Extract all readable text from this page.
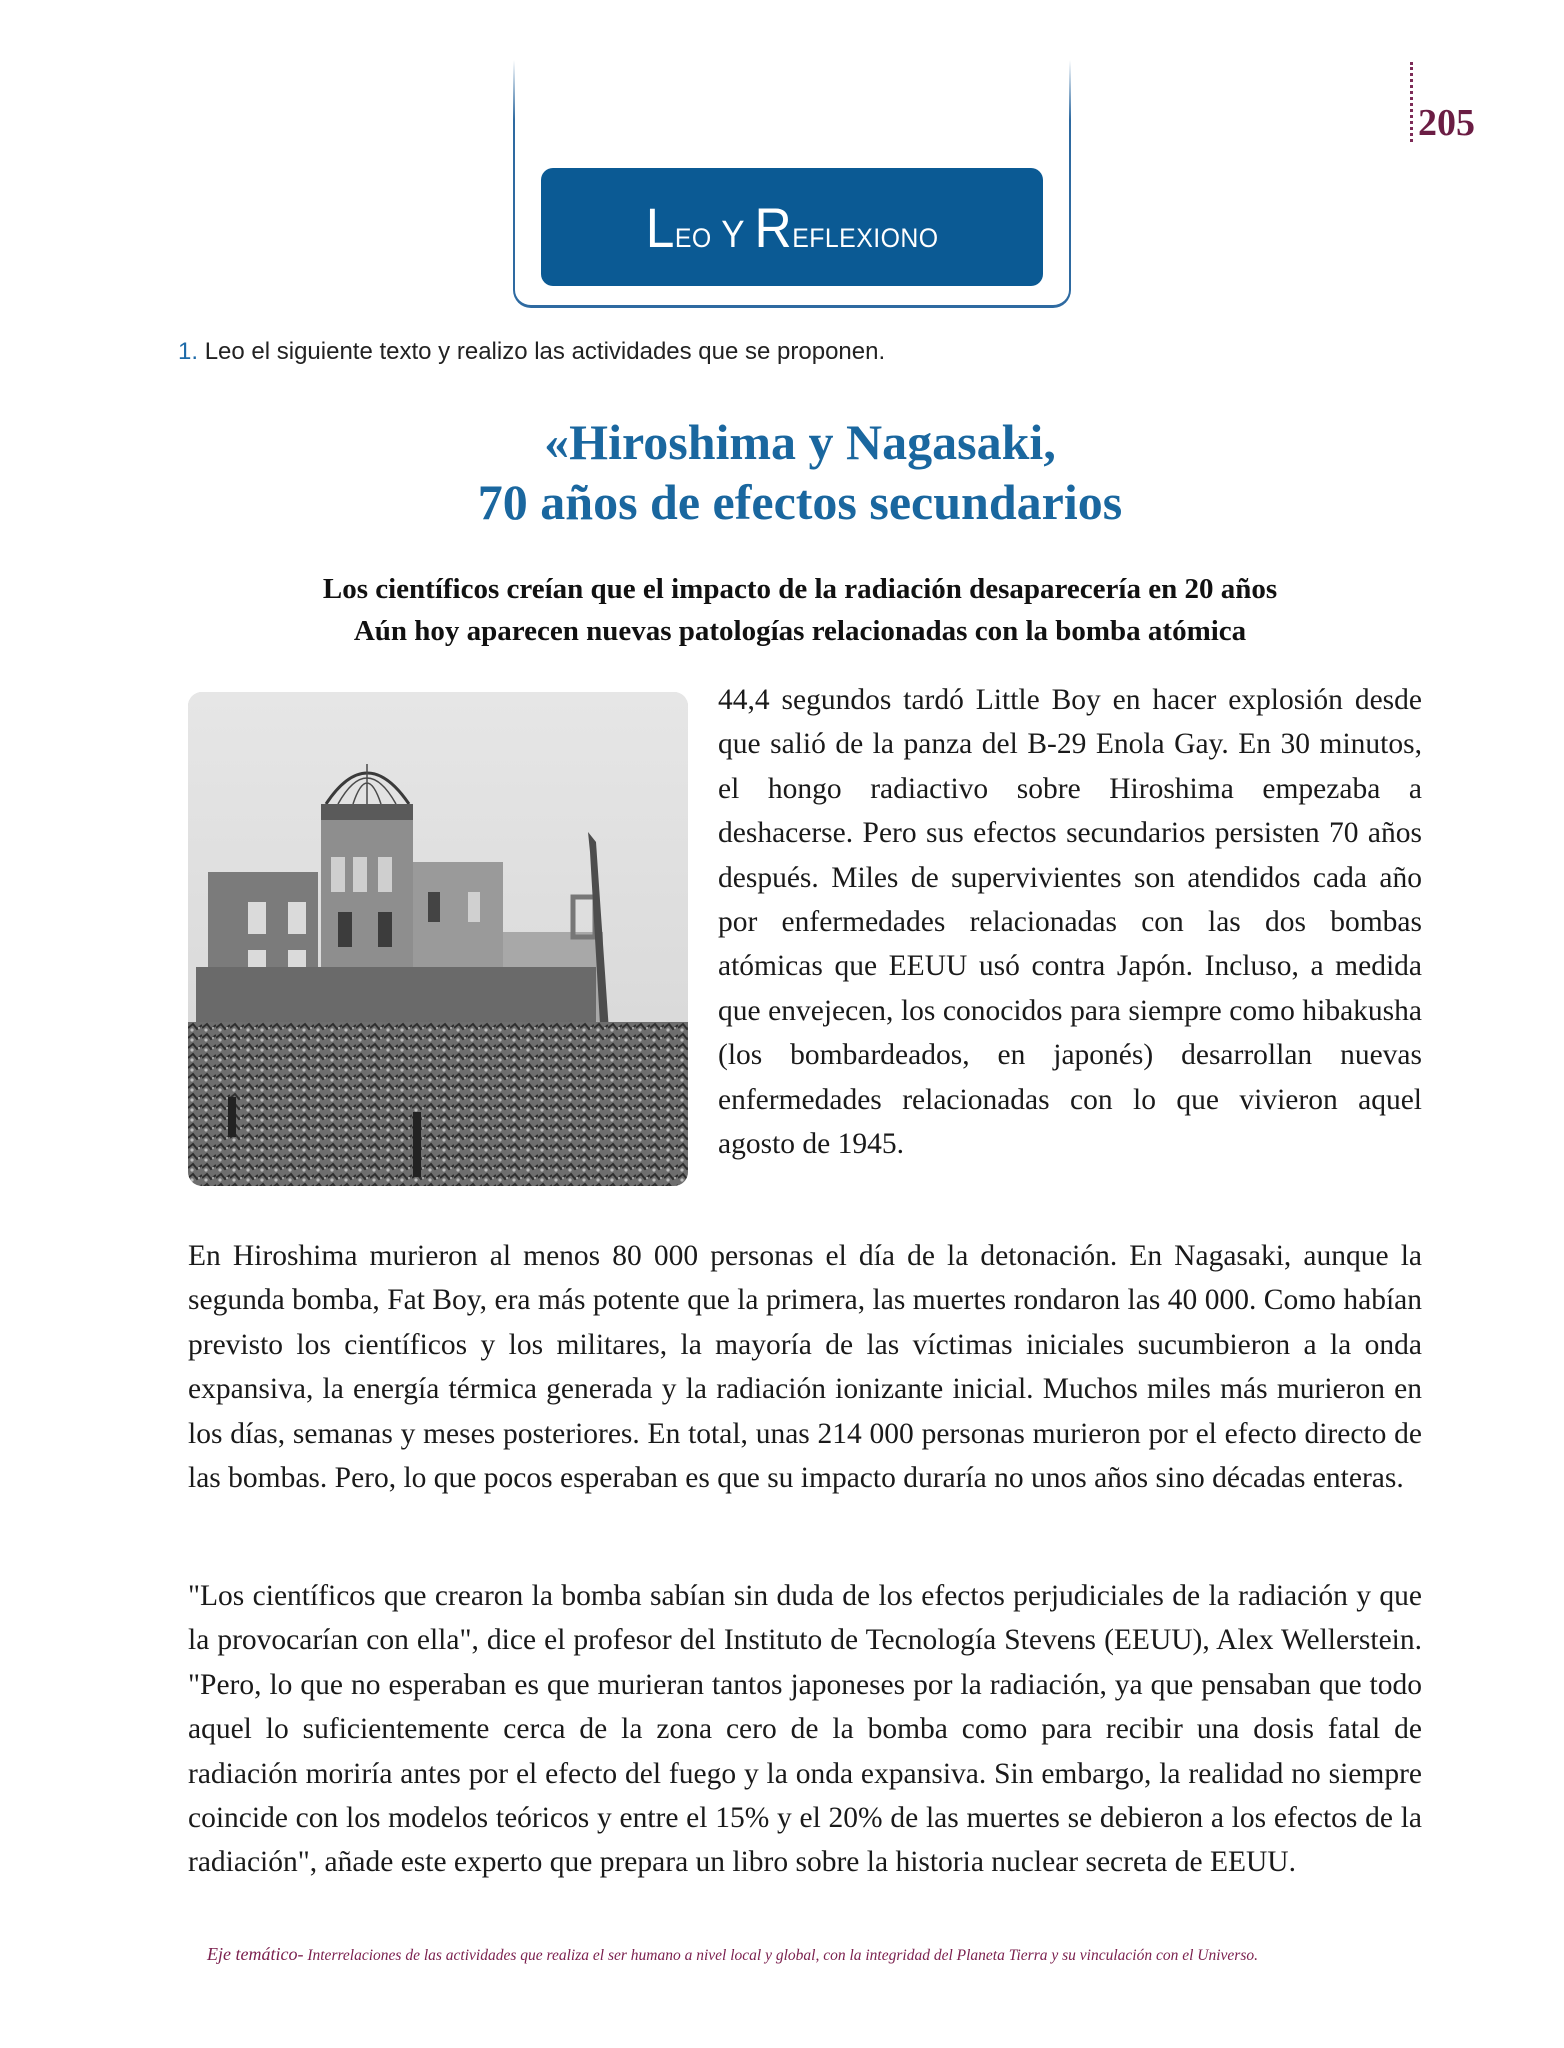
205
Leo Y Reflexiono
1. Leo el siguiente texto y realizo las actividades que se proponen.
«Hiroshima y Nagasaki,
70 años de efectos secundarios
Los científicos creían que el impacto de la radiación desaparecería en 20 años
Aún hoy aparecen nuevas patologías relacionadas con la bomba atómica

44,4 segundos tardó Little Boy en hacer explosión desde que salió de la panza del B-29 Enola Gay. En 30 minutos, el hongo radiactivo sobre Hiroshima empezaba a deshacerse. Pero sus efectos secundarios persisten 70 años después. Miles de supervivientes son atendidos cada año por enfermedades relacionadas con las dos bombas atómicas que EEUU usó contra Japón. Incluso, a medida que envejecen, los conocidos para siempre como hibakusha (los bombardeados, en japonés) desarrollan nuevas enfermedades relacionadas con lo que vivieron aquel agosto de 1945.

En Hiroshima murieron al menos 80 000 personas el día de la detonación. En Nagasaki, aunque la segunda bomba, Fat Boy, era más potente que la primera, las muertes rondaron las 40 000. Como habían previsto los científicos y los militares, la mayoría de las víctimas iniciales sucumbieron a la onda expansiva, la energía térmica generada y la radiación ionizante inicial. Muchos miles más murieron en los días, semanas y meses posteriores. En total, unas 214 000 personas murieron por el efecto directo de las bombas. Pero, lo que pocos esperaban es que su impacto duraría no unos años sino décadas enteras.

"Los científicos que crearon la bomba sabían sin duda de los efectos perjudiciales de la radiación y que la provocarían con ella", dice el profesor del Instituto de Tecnología Stevens (EEUU), Alex Wellerstein. "Pero, lo que no esperaban es que murieran tantos japoneses por la radiación, ya que pensaban que todo aquel lo suficientemente cerca de la zona cero de la bomba como para recibir una dosis fatal de radiación moriría antes por el efecto del fuego y la onda expansiva. Sin embargo, la realidad no siempre coincide con los modelos teóricos y entre el 15% y el 20% de las muertes se debieron a los efectos de la radiación", añade este experto que prepara un libro sobre la historia nuclear secreta de EEUU.

Eje temático- Interrelaciones de las actividades que realiza el ser humano a nivel local y global, con la integridad del Planeta Tierra y su vinculación con el Universo.
